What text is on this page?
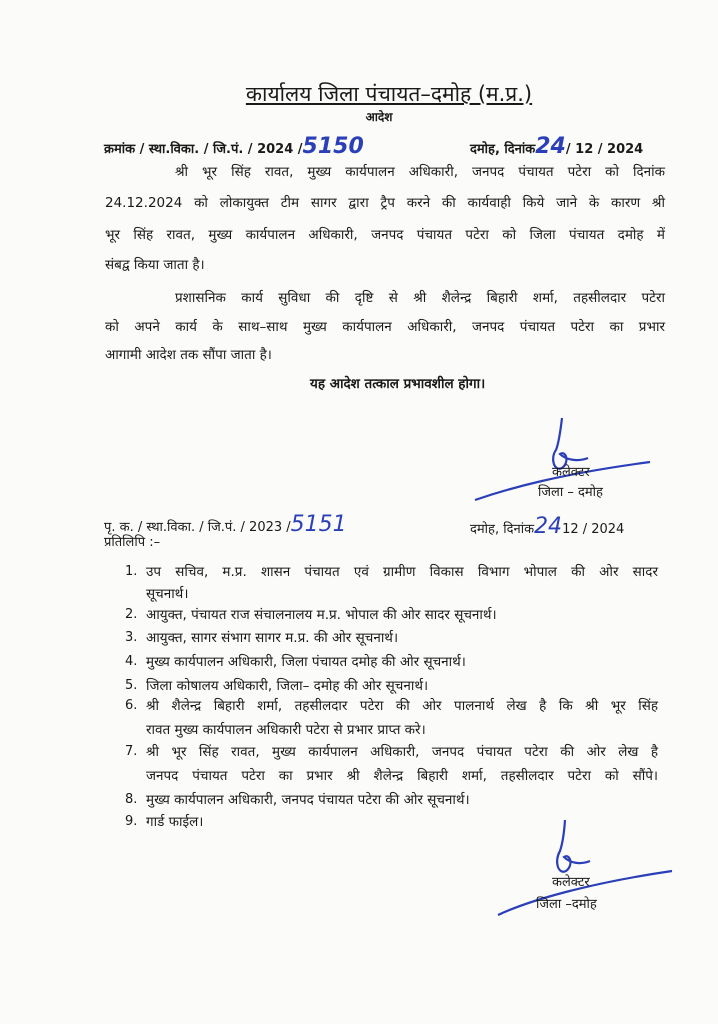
कार्यालय जिला पंचायत–दमोह (म.प्र.)
आदेश
क्रमांक / स्था.विका. / जि.पं. / 2024 /5150	दमोह, दिनांक24/ 12 / 2024
श्री भूर सिंह रावत, मुख्य कार्यपालन अधिकारी, जनपद पंचायत पटेरा को दिनांक
24.12.2024 को लोकायुक्त टीम सागर द्वारा ट्रैप करने की कार्यवाही किये जाने के कारण श्री
भूर सिंह रावत, मुख्य कार्यपालन अधिकारी, जनपद पंचायत पटेरा को जिला पंचायत दमोह में
संबद्व किया जाता है।
प्रशासनिक कार्य सुविधा की दृष्टि से श्री शैलेन्द्र बिहारी शर्मा, तहसीलदार पटेरा
को अपने कार्य के साथ–साथ मुख्य कार्यपालन अधिकारी, जनपद पंचायत पटेरा का प्रभार
आगामी आदेश तक सौंपा जाता है।
यह आदेश तत्काल प्रभावशील होगा।
कलेक्टर
जिला – दमोह
पृ. क. / स्था.विका. / जि.पं. / 2023 /5151	दमोह, दिनांक2412 / 2024
प्रतिलिपि :–
1. उप सचिव, म.प्र. शासन पंचायत एवं ग्रामीण विकास विभाग भोपाल की ओर सादर
सूचनार्थ।
2. आयुक्त, पंचायत राज संचालनालय म.प्र. भोपाल की ओर सादर सूचनार्थ।
3. आयुक्त, सागर संभाग सागर म.प्र. की ओर सूचनार्थ।
4. मुख्य कार्यपालन अधिकारी, जिला पंचायत दमोह की ओर सूचनार्थ।
5. जिला कोषालय अधिकारी, जिला– दमोह की ओर सूचनार्थ।
6. श्री शैलेन्द्र बिहारी शर्मा, तहसीलदार पटेरा की ओर पालनार्थ लेख है कि श्री भूर सिंह
रावत मुख्य कार्यपालन अधिकारी पटेरा से प्रभार प्राप्त करे।
7. श्री भूर सिंह रावत, मुख्य कार्यपालन अधिकारी, जनपद पंचायत पटेरा की ओर लेख है
जनपद पंचायत पटेरा का प्रभार श्री शैलेन्द्र बिहारी शर्मा, तहसीलदार पटेरा को सौंपे।
8. मुख्य कार्यपालन अधिकारी, जनपद पंचायत पटेरा की ओर सूचनार्थ।
9. गार्ड फाईल।
कलेक्टर
जिला –दमोह
